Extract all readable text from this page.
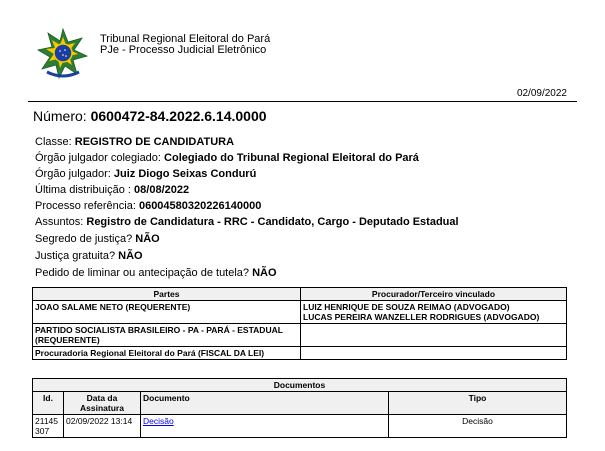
Tribunal Regional Eleitoral do Pará
PJe - Processo Judicial Eletrônico
02/09/2022
Número: 0600472-84.2022.6.14.0000
Classe: REGISTRO DE CANDIDATURA
Órgão julgador colegiado: Colegiado do Tribunal Regional Eleitoral do Pará
Órgão julgador: Juiz Diogo Seixas Condurú
Última distribuição : 08/08/2022
Processo referência: 06004580320226140000
Assuntos: Registro de Candidatura - RRC - Candidato, Cargo - Deputado Estadual
Segredo de justiça? NÃO
Justiça gratuita? NÃO
Pedido de liminar ou antecipação de tutela? NÃO
Partes	Procurador/Terceiro vinculado
JOAO SALAME NETO (REQUERENTE)	LUIZ HENRIQUE DE SOUZA REIMAO (ADVOGADO)
LUCAS PEREIRA WANZELLER RODRIGUES (ADVOGADO)

PARTIDO SOCIALISTA BRASILEIRO - PA - PARÁ - ESTADUAL (REQUERENTE)	
Procuradoria Regional Eleitoral do Pará (FISCAL DA LEI)	
Documentos			
Id.	Data da Assinatura	Documento	Tipo
21145 307	02/09/2022 13:14	Decisão	Decisão
